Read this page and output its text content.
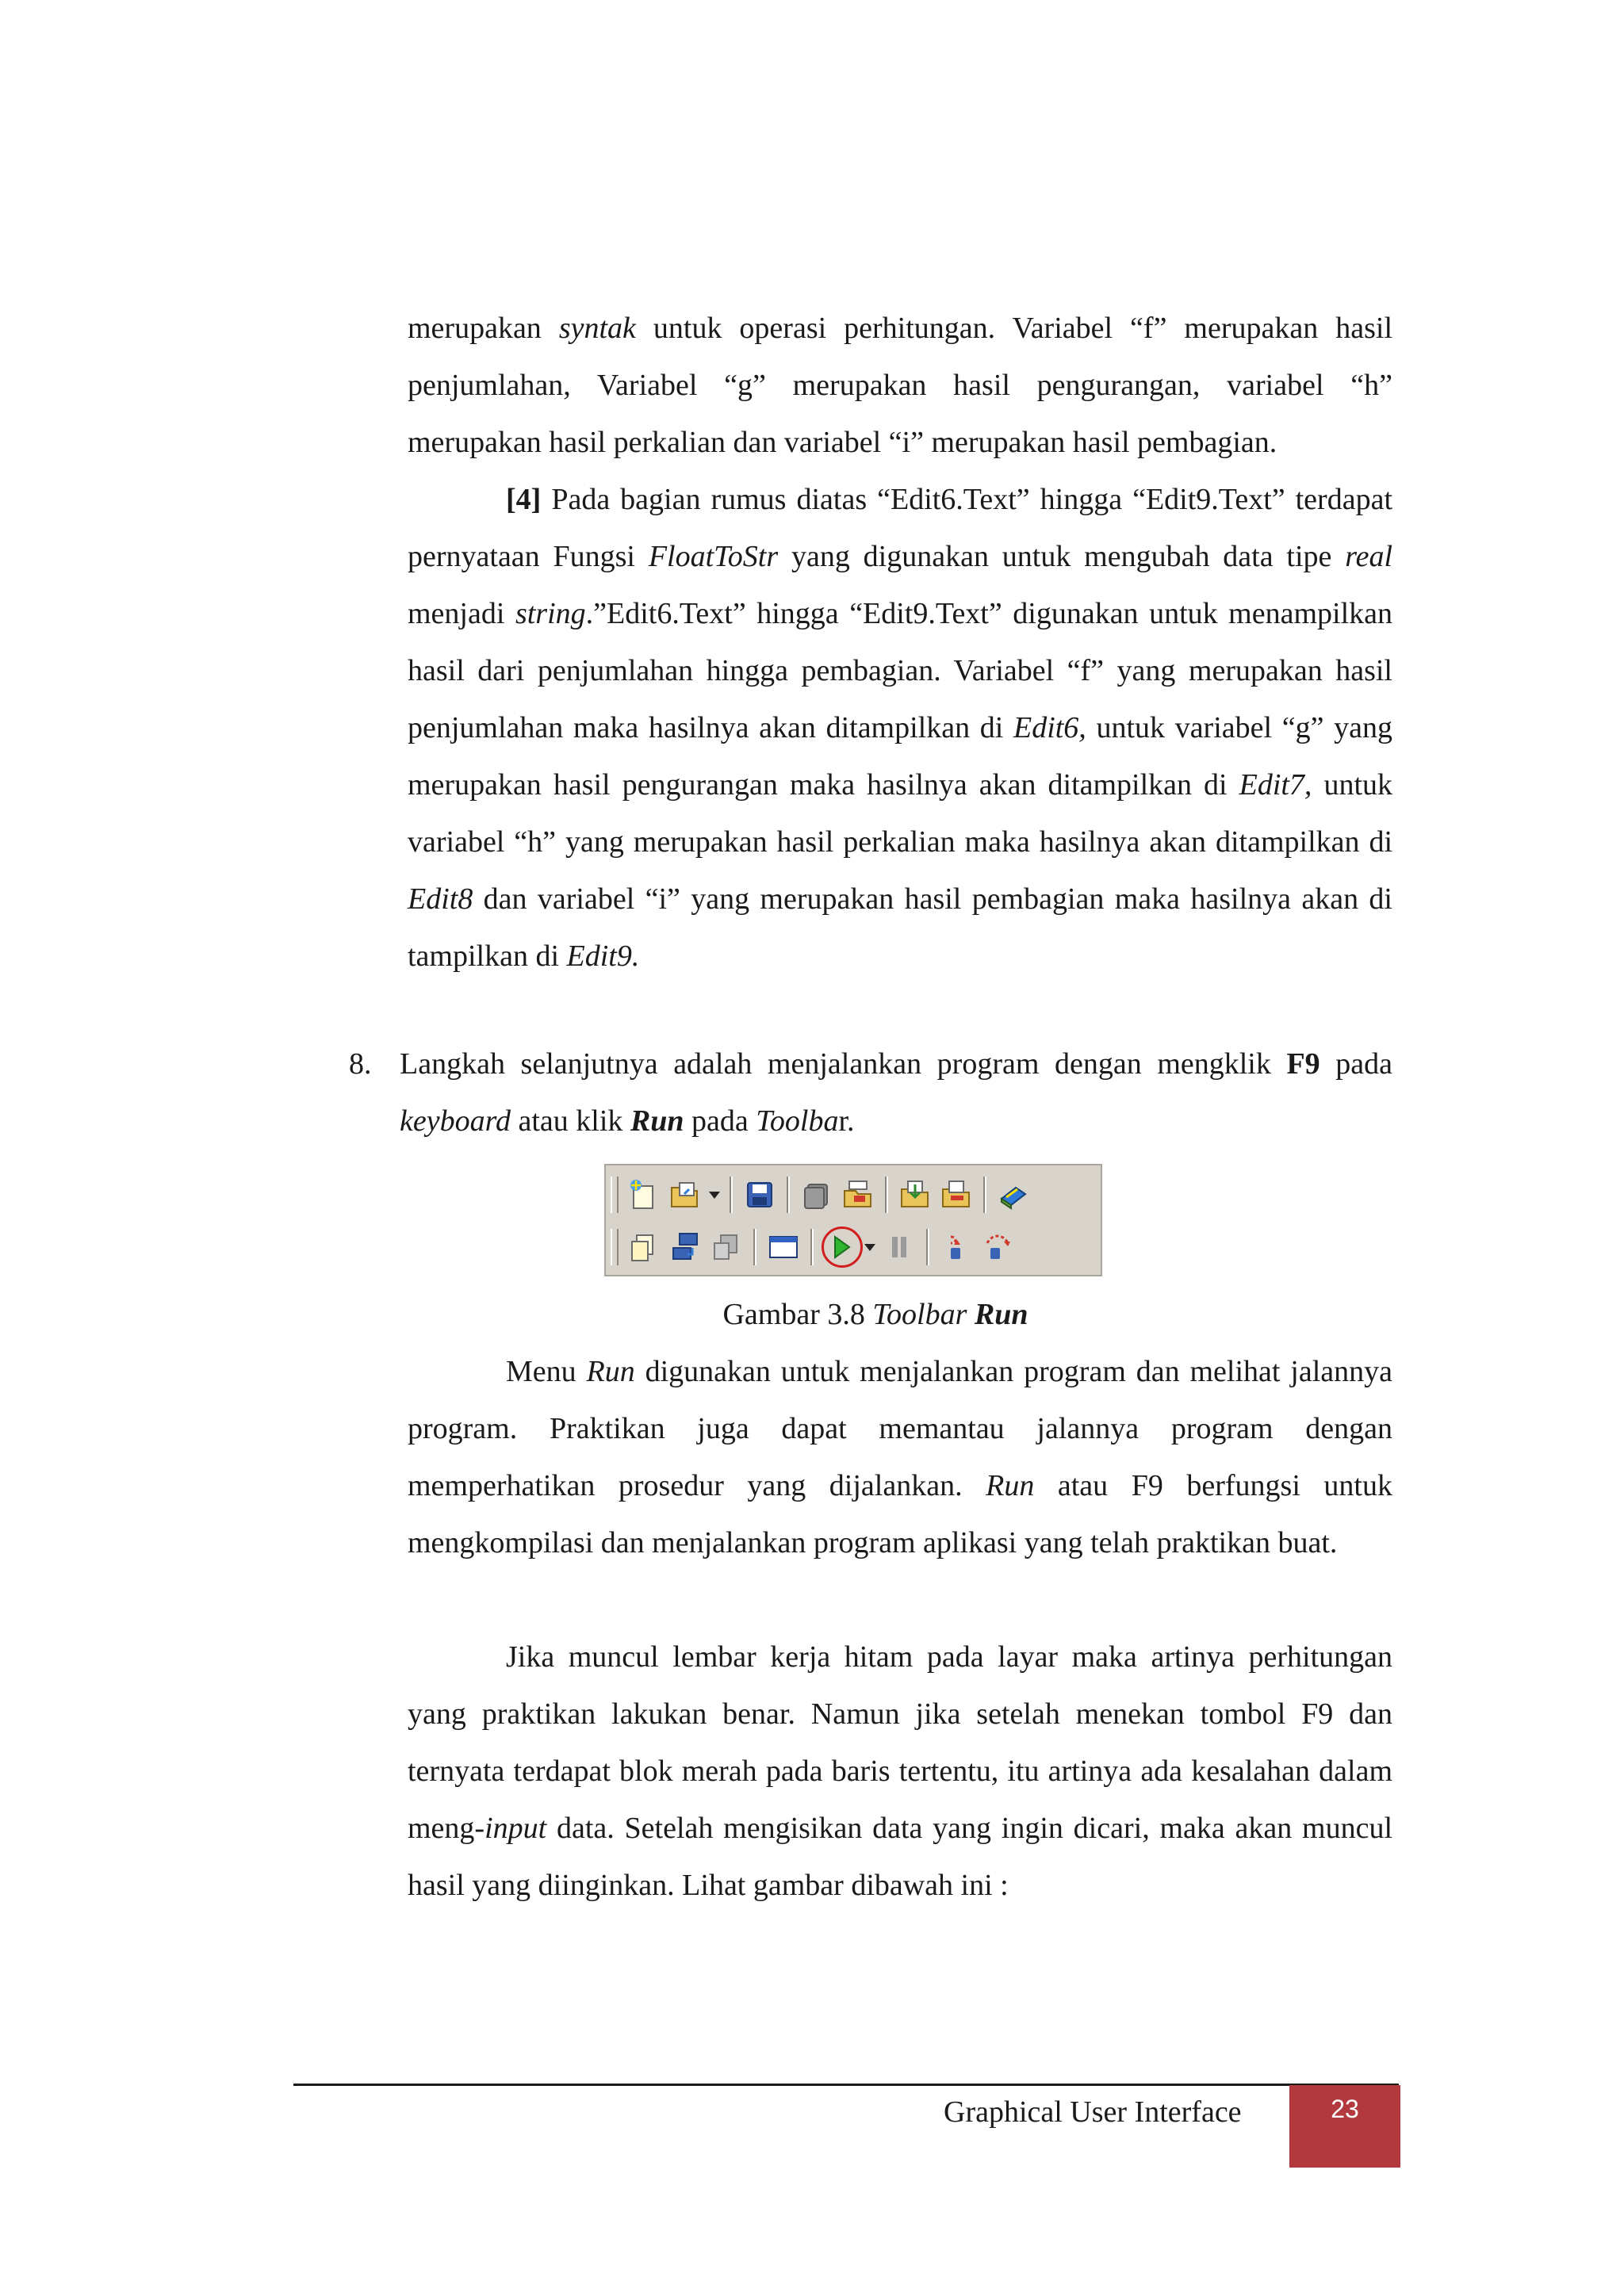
merupakan syntak untuk operasi perhitungan. Variabel “f” merupakan hasil penjumlahan, Variabel “g” merupakan hasil pengurangan, variabel “h” merupakan hasil perkalian dan variabel “i” merupakan hasil pembagian.

[4] Pada bagian rumus diatas “Edit6.Text” hingga “Edit9.Text” terdapat pernyataan Fungsi FloatToStr yang digunakan untuk mengubah data tipe real menjadi string.”Edit6.Text” hingga “Edit9.Text” digunakan untuk menampilkan hasil dari penjumlahan hingga pembagian. Variabel “f” yang merupakan hasil penjumlahan maka hasilnya akan ditampilkan di Edit6, untuk variabel “g” yang merupakan hasil pengurangan maka hasilnya akan ditampilkan di Edit7, untuk variabel “h” yang merupakan hasil perkalian maka hasilnya akan ditampilkan di Edit8 dan variabel “i” yang merupakan hasil pembagian maka hasilnya akan di tampilkan di Edit9.

8. Langkah selanjutnya adalah menjalankan program dengan mengklik F9 pada keyboard atau klik Run pada Toolbar.
Gambar 3.8 Toolbar Run

Menu Run digunakan untuk menjalankan program dan melihat jalannya program. Praktikan juga dapat memantau jalannya program dengan memperhatikan prosedur yang dijalankan. Run atau F9 berfungsi untuk mengkompilasi dan menjalankan program aplikasi yang telah praktikan buat.

Jika muncul lembar kerja hitam pada layar maka artinya perhitungan yang praktikan lakukan benar. Namun jika setelah menekan tombol F9 dan ternyata terdapat blok merah pada baris tertentu, itu artinya ada kesalahan dalam meng-input data. Setelah mengisikan data yang ingin dicari, maka akan muncul hasil yang diinginkan. Lihat gambar dibawah ini :

Graphical User Interface	23
